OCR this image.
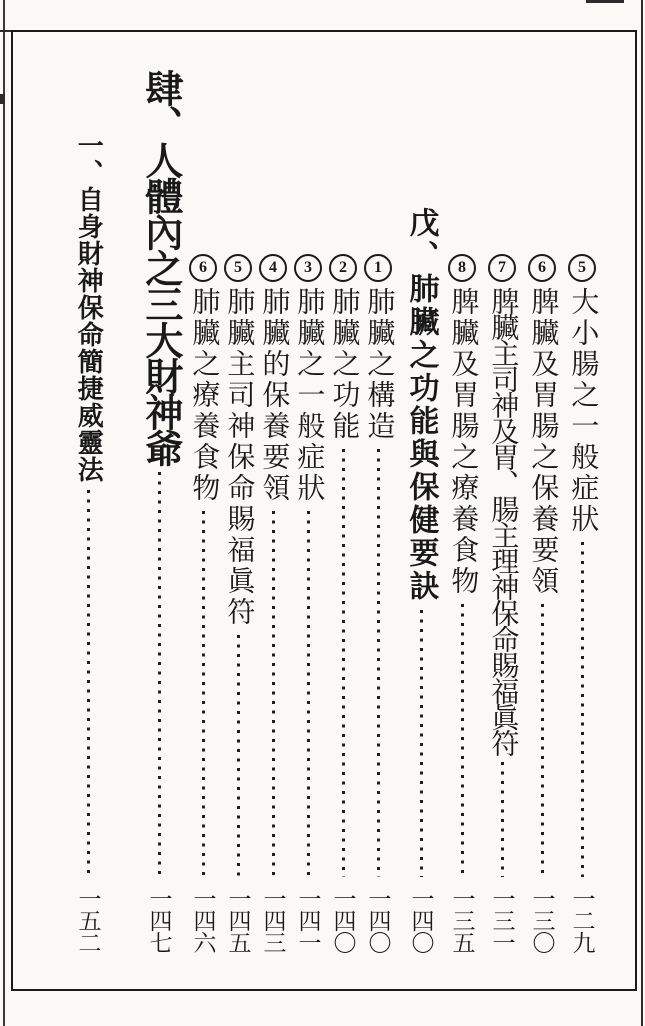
5
大小腸之一般症狀
一二九
6
脾臟及胃腸之保養要領
一三〇
7
脾臟主司神及胃、腸主理神保命賜福眞符
一三一
8
脾臟及胃腸之療養食物
一三五
戊、肺臟之功能與保健要訣
一四〇
1
肺臟之構造
一四〇
2
肺臟之功能
一四〇
3
肺臟之一般症狀
一四一
4
肺臟的保養要領
一四三
5
肺臟主司神保命賜福眞符
一四五
6
肺臟之療養食物
一四六
肆、人體內之三大財神爺
一四七
一、自身財神保命簡捷威靈法
一五二
